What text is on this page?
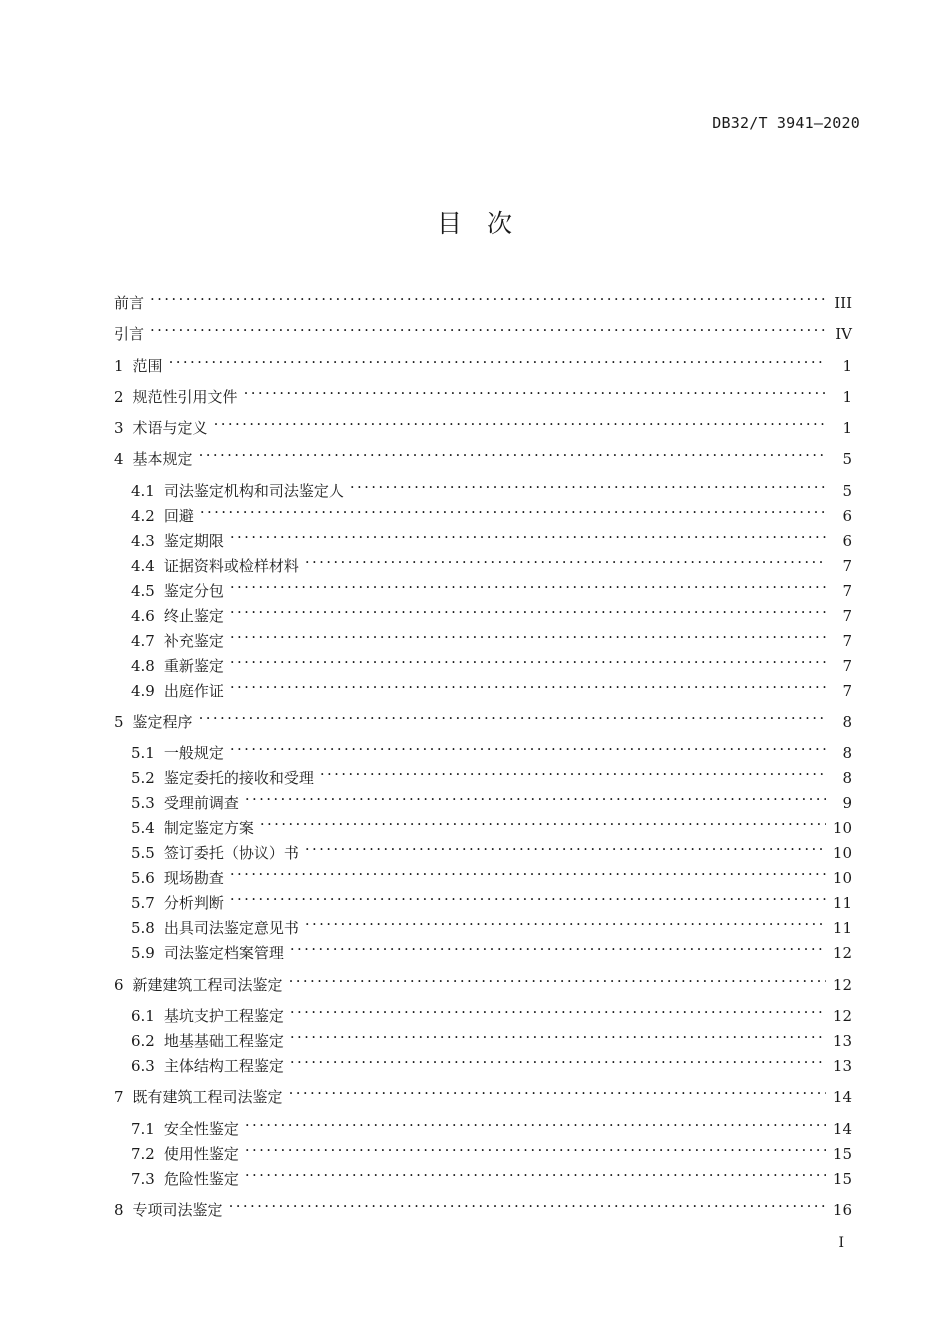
DB32/T 3941—2020
目 次
前言 . . .	III
引言 . . .	IV
1 范围 . . .	1
2 规范性引用文件 . . .	1
3 术语与定义 . . .	1
4 基本规定 . . .	5
4.1 司法鉴定机构和司法鉴定人 . . .	5
4.2 回避 . . .	6
4.3 鉴定期限 . . .	6
4.4 证据资料或检样材料 . . .	7
4.5 鉴定分包 . . .	7
4.6 终止鉴定 . . .	7
4.7 补充鉴定 . . .	7
4.8 重新鉴定 . . .	7
4.9 出庭作证 . . .	7
5 鉴定程序 . . .	8
5.1 一般规定 . . .	8
5.2 鉴定委托的接收和受理 . . .	8
5.3 受理前调查 . . .	9
5.4 制定鉴定方案 . . .	10
5.5 签订委托（协议）书 . . .	10
5.6 现场勘查 . . .	10
5.7 分析判断 . . .	11
5.8 出具司法鉴定意见书 . . .	11
5.9 司法鉴定档案管理 . . .	12
6 新建建筑工程司法鉴定 . . .	12
6.1 基坑支护工程鉴定 . . .	12
6.2 地基基础工程鉴定 . . .	13
6.3 主体结构工程鉴定 . . .	13
7 既有建筑工程司法鉴定 . . .	14
7.1 安全性鉴定 . . .	14
7.2 使用性鉴定 . . .	15
7.3 危险性鉴定 . . .	15
8 专项司法鉴定 . . .	16
I
